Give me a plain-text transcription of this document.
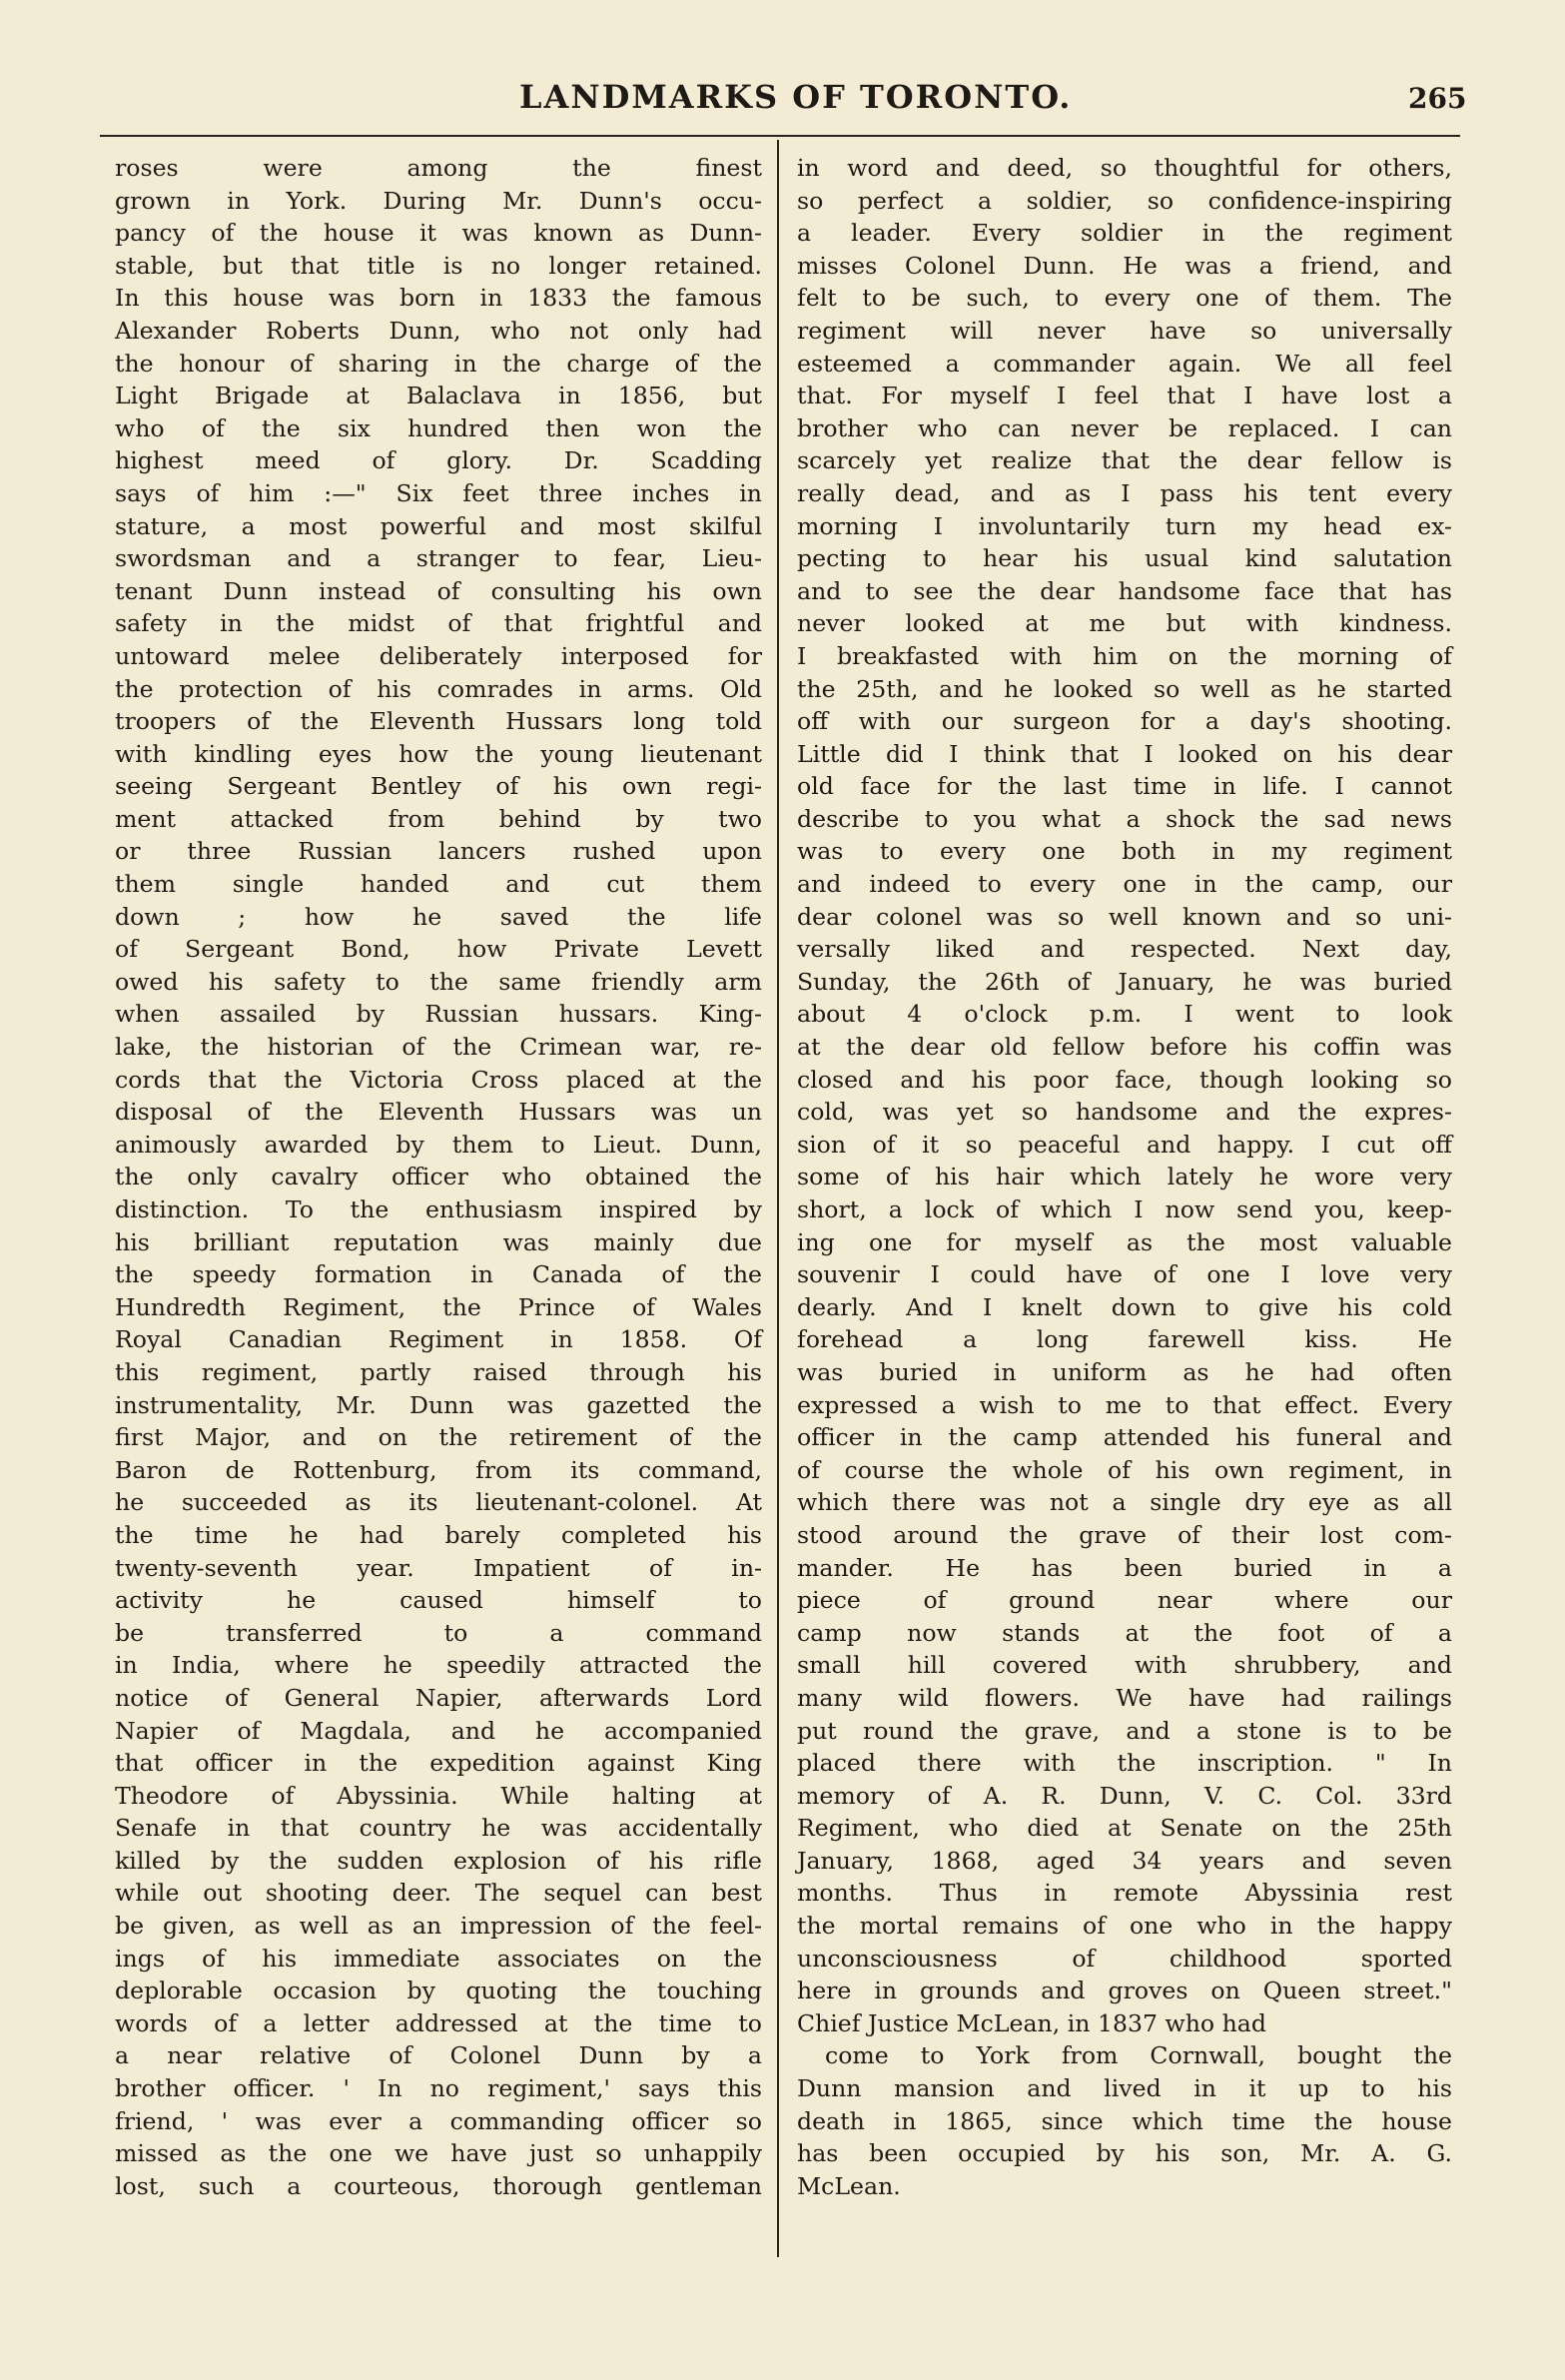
LANDMARKS OF TORONTO.	265
roses were among the finest
grown in York. During Mr. Dunn's occu-
pancy of the house it was known as Dunn-
stable, but that title is no longer retained.
In this house was born in 1833 the famous
Alexander Roberts Dunn, who not only had
the honour of sharing in the charge of the
Light Brigade at Balaclava in 1856, but
who of the six hundred then won the
highest meed of glory. Dr. Scadding
says of him :—" Six feet three inches in
stature, a most powerful and most skilful
swordsman and a stranger to fear, Lieu-
tenant Dunn instead of consulting his own
safety in the midst of that frightful and
untoward melee deliberately interposed for
the protection of his comrades in arms. Old
troopers of the Eleventh Hussars long told
with kindling eyes how the young lieutenant
seeing Sergeant Bentley of his own regi-
ment attacked from behind by two
or three Russian lancers rushed upon
them single handed and cut them
down ; how he saved the life
of Sergeant Bond, how Private Levett
owed his safety to the same friendly arm
when assailed by Russian hussars. King-
lake, the historian of the Crimean war, re-
cords that the Victoria Cross placed at the
disposal of the Eleventh Hussars was un
animously awarded by them to Lieut. Dunn,
the only cavalry officer who obtained the
distinction. To the enthusiasm inspired by
his brilliant reputation was mainly due
the speedy formation in Canada of the
Hundredth Regiment, the Prince of Wales
Royal Canadian Regiment in 1858. Of
this regiment, partly raised through his
instrumentality, Mr. Dunn was gazetted the
first Major, and on the retirement of the
Baron de Rottenburg, from its command,
he succeeded as its lieutenant-colonel. At
the time he had barely completed his
twenty-seventh year. Impatient of in-
activity he caused himself to
be transferred to a command
in India, where he speedily attracted the
notice of General Napier, afterwards Lord
Napier of Magdala, and he accompanied
that officer in the expedition against King
Theodore of Abyssinia. While halting at
Senafe in that country he was accidentally
killed by the sudden explosion of his rifle
while out shooting deer. The sequel can best
be given, as well as an impression of the feel-
ings of his immediate associates on the
deplorable occasion by quoting the touching
words of a letter addressed at the time to
a near relative of Colonel Dunn by a
brother officer. ' In no regiment,' says this
friend, ' was ever a commanding officer so
missed as the one we have just so unhappily
lost, such a courteous, thorough gentleman
in word and deed, so thoughtful for others,
so perfect a soldier, so confidence-inspiring
a leader. Every soldier in the regiment
misses Colonel Dunn. He was a friend, and
felt to be such, to every one of them. The
regiment will never have so universally
esteemed a commander again. We all feel
that. For myself I feel that I have lost a
brother who can never be replaced. I can
scarcely yet realize that the dear fellow is
really dead, and as I pass his tent every
morning I involuntarily turn my head ex-
pecting to hear his usual kind salutation
and to see the dear handsome face that has
never looked at me but with kindness.
I breakfasted with him on the morning of
the 25th, and he looked so well as he started
off with our surgeon for a day's shooting.
Little did I think that I looked on his dear
old face for the last time in life. I cannot
describe to you what a shock the sad news
was to every one both in my regiment
and indeed to every one in the camp, our
dear colonel was so well known and so uni-
versally liked and respected. Next day,
Sunday, the 26th of January, he was buried
about 4 o'clock p.m. I went to look
at the dear old fellow before his coffin was
closed and his poor face, though looking so
cold, was yet so handsome and the expres-
sion of it so peaceful and happy. I cut off
some of his hair which lately he wore very
short, a lock of which I now send you, keep-
ing one for myself as the most valuable
souvenir I could have of one I love very
dearly. And I knelt down to give his cold
forehead a long farewell kiss. He
was buried in uniform as he had often
expressed a wish to me to that effect. Every
officer in the camp attended his funeral and
of course the whole of his own regiment, in
which there was not a single dry eye as all
stood around the grave of their lost com-
mander. He has been buried in a
piece of ground near where our
camp now stands at the foot of a
small hill covered with shrubbery, and
many wild flowers. We have had railings
put round the grave, and a stone is to be
placed there with the inscription. " In
memory of A. R. Dunn, V. C. Col. 33rd
Regiment, who died at Senate on the 25th
January, 1868, aged 34 years and seven
months. Thus in remote Abyssinia rest
the mortal remains of one who in the happy
unconsciousness of childhood sported
here in grounds and groves on Queen street."
Chief Justice McLean, in 1837 who had
come to York from Cornwall, bought the
Dunn mansion and lived in it up to his
death in 1865, since which time the house
has been occupied by his son, Mr. A. G.
McLean.
